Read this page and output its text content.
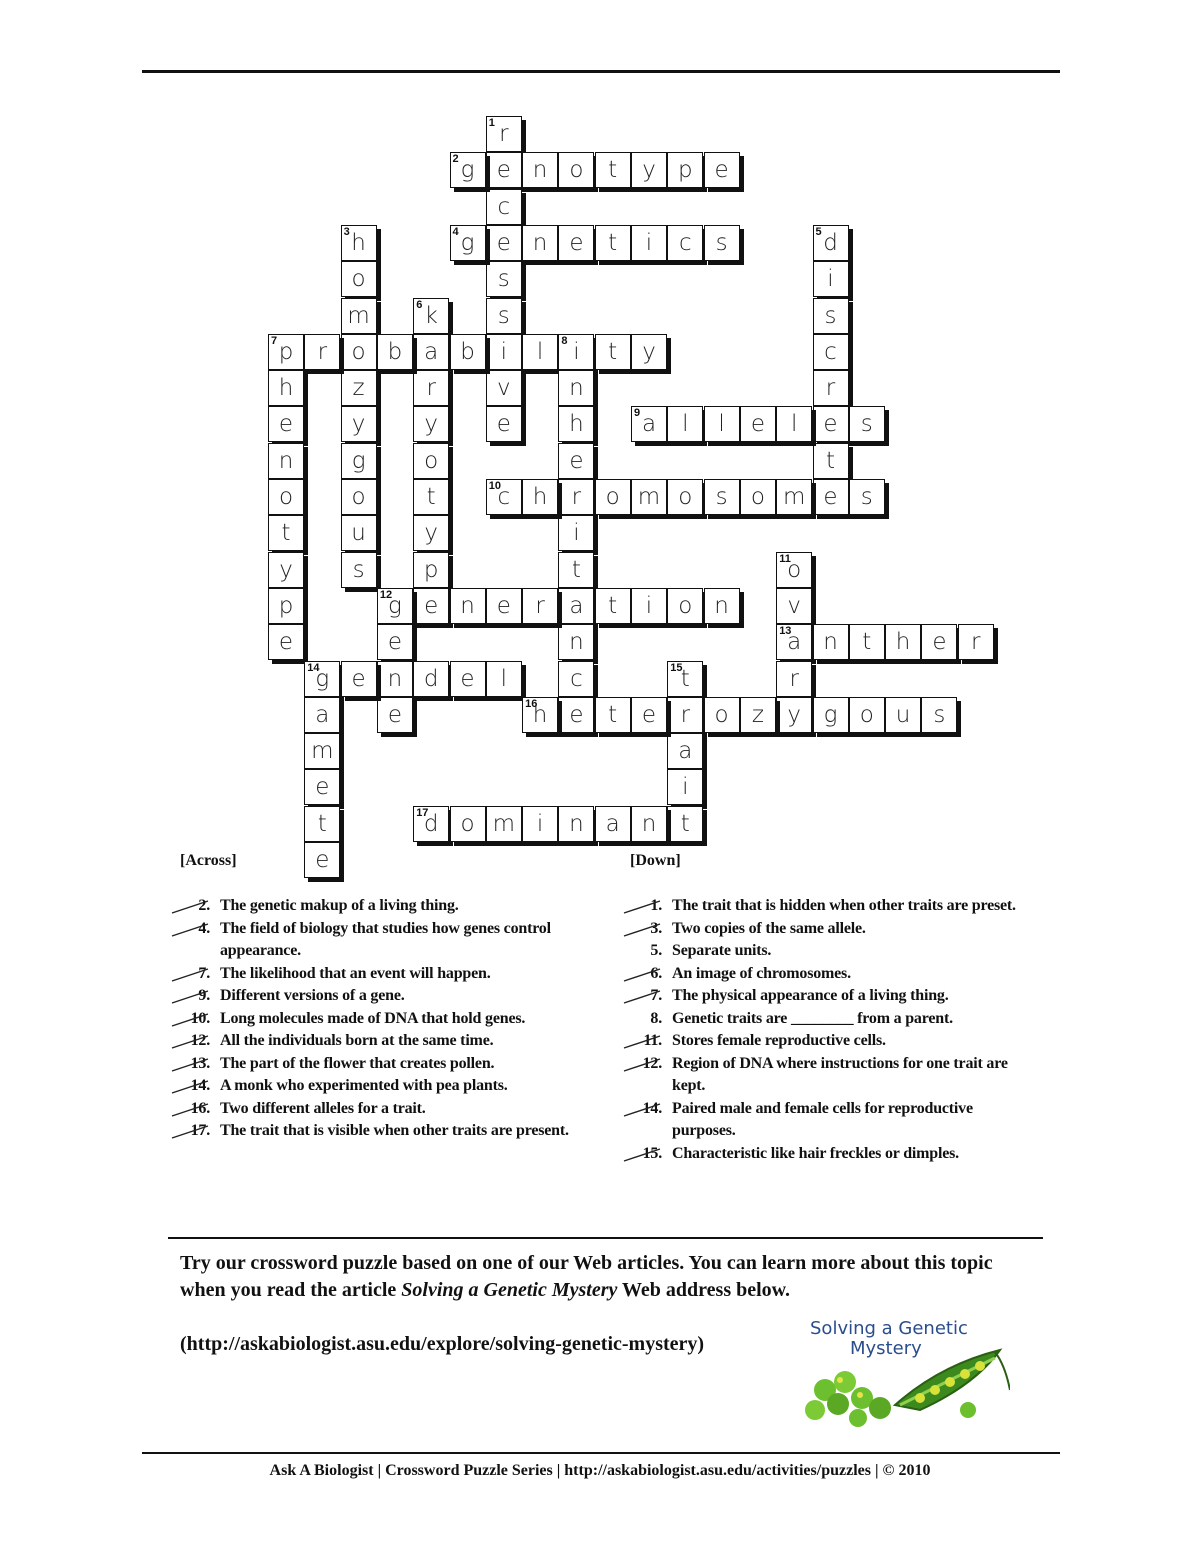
1 r
e
c
e
s
s
i
v
e
2 g	n o	t	y p e
3 h
o
m
o
z
y
g
o
u
s
4 g	n e	t	i	c	s	5 d
i
s
c
r
e
t
e
6 k
a
r
y
o
t
y
p
e
7 p	r	b	b	l	8 i	t	y
h
e
n
o
t
y
p
e
n
h
e
r
i
t
a
n
c
e
9 a	l	l	e	l	s
10
c h	o m o	s	o m	s
11
o
v
13
a
r
y
12
g	n e	r	t	i	o n
e
n
e
n	t	h e	r
14
g e	d e	l
a
m
e
t
e
15
t
r
a
i
t
16
h	t	e	o	z	g o u	s
17
d o m i	n a n
[Across]	[Down]
2. The genetic makup of a living thing.
4. The field of biology that studies how genes control appearance.
7. The likelihood that an event will happen.
9. Different versions of a gene.
10. Long molecules made of DNA that hold genes.
12. All the individuals born at the same time.
13. The part of the flower that creates pollen.
14. A monk who experimented with pea plants.
16. Two different alleles for a trait.
17. The trait that is visible when other traits are present.
1. The trait that is hidden when other traits are preset.
3. Two copies of the same allele.
5. Separate units.
6. An image of chromosomes.
7. The physical appearance of a living thing.
8. Genetic traits are ________ from a parent.
11. Stores female reproductive cells.
12. Region of DNA where instructions for one trait are kept.
14. Paired male and female cells for reproductive purposes.
15. Characteristic like hair freckles or dimples.
Try our crossword puzzle based on one of our Web articles. You can learn more about this topic
when you read the article Solving a Genetic Mystery Web address below.
(http://askabiologist.asu.edu/explore/solving-genetic-mystery)
Solving a Genetic
Mystery
Ask A Biologist | Crossword Puzzle Series | http://askabiologist.asu.edu/activities/puzzles | © 2010
